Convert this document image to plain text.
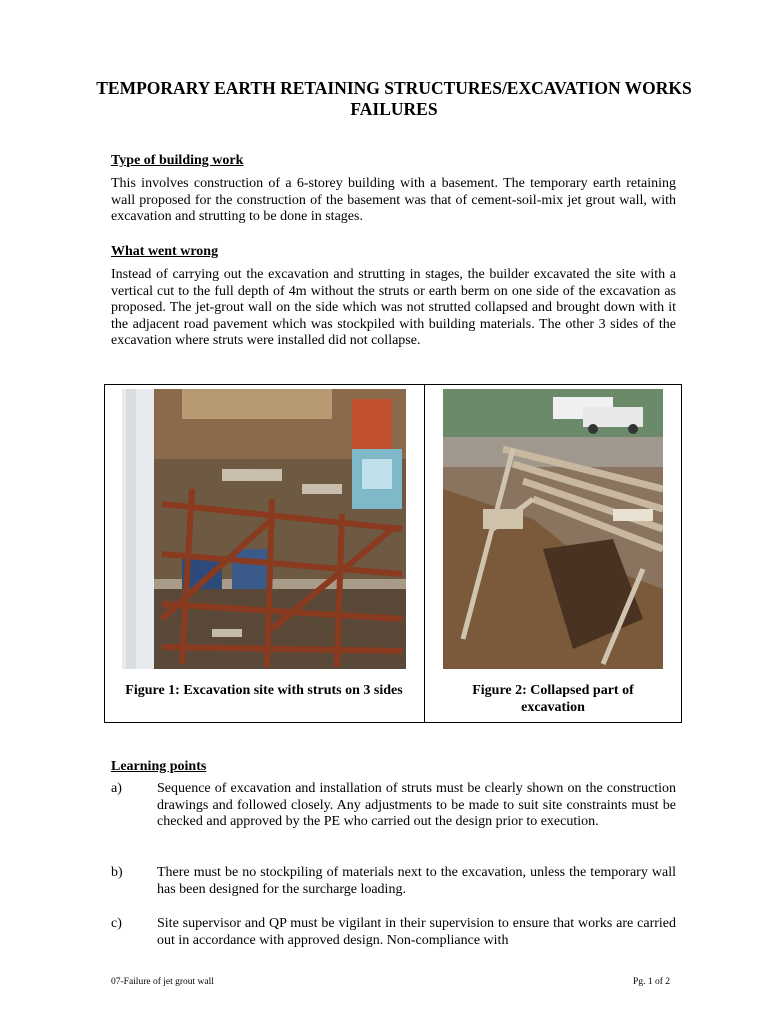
TEMPORARY EARTH RETAINING STRUCTURES/EXCAVATION WORKS FAILURES
Type of building work
This involves construction of a 6-storey building with a basement. The temporary earth retaining wall proposed for the construction of the basement was that of cement-soil-mix jet grout wall, with excavation and strutting to be done in stages.
What went wrong
Instead of carrying out the excavation and strutting in stages, the builder excavated the site with a vertical cut to the full depth of 4m without the struts or earth berm on one side of the excavation as proposed. The jet-grout wall on the side which was not strutted collapsed and brought down with it the adjacent road pavement which was stockpiled with building materials. The other 3 sides of the excavation where struts were installed did not collapse.
Figure 1: Excavation site with struts on 3 sides	Figure 2: Collapsed part of excavation
Learning points
a)	Sequence of excavation and installation of struts must be clearly shown on the construction drawings and followed closely. Any adjustments to be made to suit site constraints must be checked and approved by the PE who carried out the design prior to execution.
b) There must be no stockpiling of materials next to the excavation, unless the temporary wall has been designed for the surcharge loading.
c)	Site supervisor and QP must be vigilant in their supervision to ensure that works are carried out in accordance with approved design. Non-compliance with
07-Failure of jet grout wall	Pg. 1 of 2
